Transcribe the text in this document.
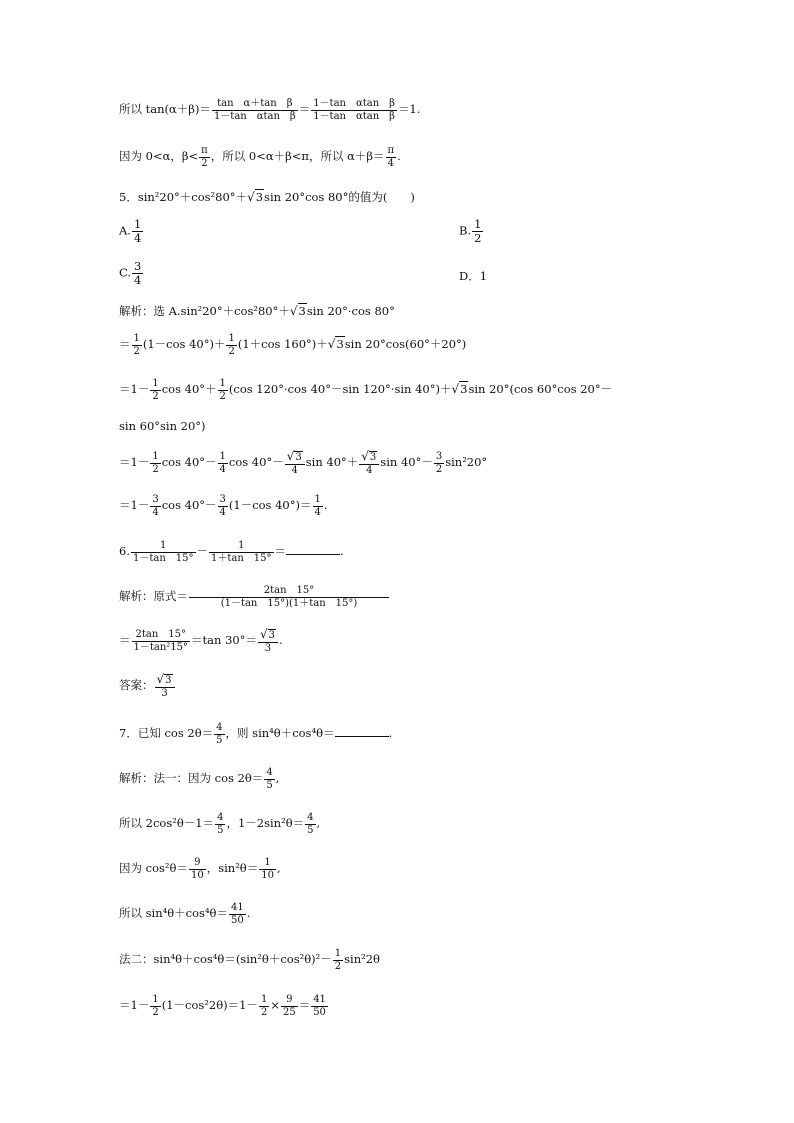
所以 $\tan(\alpha+\beta)= \frac{\text{tan　α＋tan　β}}{\text{1－tan　αtan　β}} = \frac{\text{1－tan　αtan　β}}{\text{1－tan　αtan　β}} =1$.
因为 0<α，$\beta< \frac{\pi}{2}$ ，所以 0<α＋β<π，所以 $\alpha+\beta= \frac{\pi}{4}$ .
5．sin²20°＋cos²80°＋√3sin 20°cos 80°的值为(　　)
A. $\frac{1}{4}$	B. $\frac{1}{2}$
C. $\frac{3}{4}$	D．1
解析：选 A.sin²20°＋cos²80°＋√3sin 20°·cos 80°
＝ $\frac{1}{2} (1-\cos$ $40^\circ)+ \frac{1}{2} (1+\cos$ 160°)＋√3sin 20°cos(60°＋20°)
$=1- \frac{1}{2}$ $\cos 40^\circ+ \frac{1}{2} (\cos$ 120°·cos 40°－sin 120°·sin 40°)＋√3sin 20°(cos 60°cos 20°－
sin 60°sin 20°)
$=1- \frac{1}{2}$ $\cos 40^\circ- \frac{1}{4}$ $\cos 40^\circ- \frac{√3}{4}$ $\sin 40^\circ+ \frac{√3}{4}$ $\sin 40^\circ- \frac{3}{2} \sin^220^\circ$
$=1- \frac{3}{4}$ $\cos 40^\circ- \frac{3}{4} (1-\cos$ $40^\circ)= \frac{1}{4}$ .
6. $\frac{1}{1-\tan 15^\circ} - \frac{1}{1+\tan 15^\circ}$ ＝	.
解析：原式＝ $\frac{2\tan 15^\circ}{(1-\tan 15^\circ)(1+\tan 15^\circ)}$
＝ $\frac{2\tan 15^\circ}{\text{1－tan²15°}} =\tan$ $30^\circ= \frac{√3}{3}$ .
答案： $\frac{√3}{3}$
7．已知 $\cos 2\theta= \frac{4}{5}$ ，则 sin⁴θ＋cos⁴θ＝	.
解析：法一：因为 $\cos 2\theta= \frac{4}{5}$ ,
所以 $2\cos^2\theta-1= \frac{4}{5}$ ，$1-2\sin^2\theta= \frac{4}{5}$ ,
因为 $\cos^2\theta= \frac{9}{10}$ ，$\sin^2\theta= \frac{1}{10}$ ,
所以 $\sin^4\theta+\cos^4\theta= \frac{41}{50}$ .
法二：$\sin^4\theta+\cos^4\theta=(\sin^2\theta+\cos^2\theta)^2- \frac{1}{2} \sin^22\theta$
$=1- \frac{1}{2} (1-\cos^22\theta)=1- \frac{1}{2} \times \frac{9}{25} = \frac{41}{50}$
